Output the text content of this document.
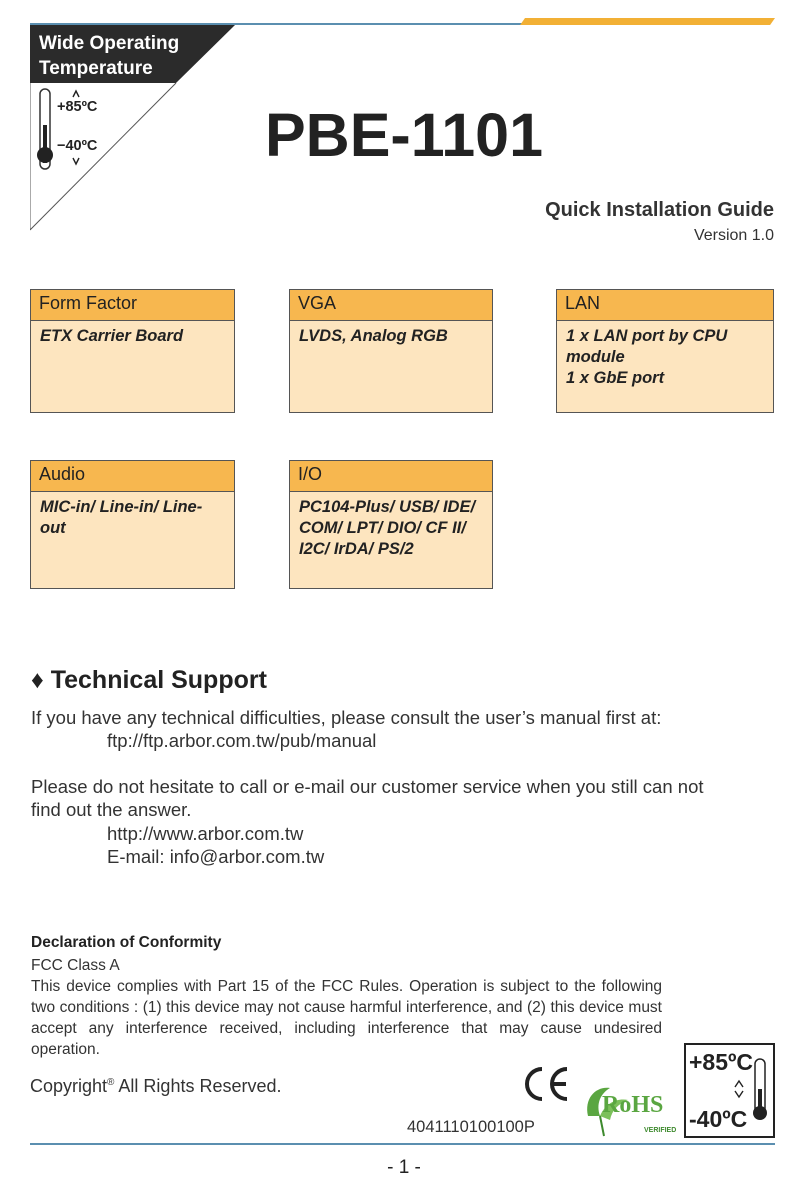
Wide Operating
Temperature
+85ºC
−40ºC	PBE-1101
Quick Installation Guide
Version 1.0
Form Factor
ETX Carrier Board
VGA
LVDS, Analog RGB
LAN
1 x LAN port by CPU
module
1 x GbE port
Audio
MIC-in/ Line-in/ Line-
out
I/O
PC104-Plus/ USB/ IDE/
COM/ LPT/ DIO/ CF II/
I2C/ IrDA/ PS/2
♦ Technical Support
If you have any technical difficulties, please consult the user’s manual first at:
ftp://ftp.arbor.com.tw/pub/manual
Please do not hesitate to call or e-mail our customer service when you still can not
find out the answer.
http://www.arbor.com.tw
E-mail: info@arbor.com.tw
Declaration of Conformity
FCC Class A
This device complies with Part 15 of the FCC Rules. Operation is subject to the following two conditions : (1) this device may not cause harmful interference, and (2) this device must accept any interference received, including interference that may cause undesired operation.
Copyright® All Rights Reserved.
RoHS
VERIFIED
+85ºC
-40ºC
4041110100100P
- 1 -
